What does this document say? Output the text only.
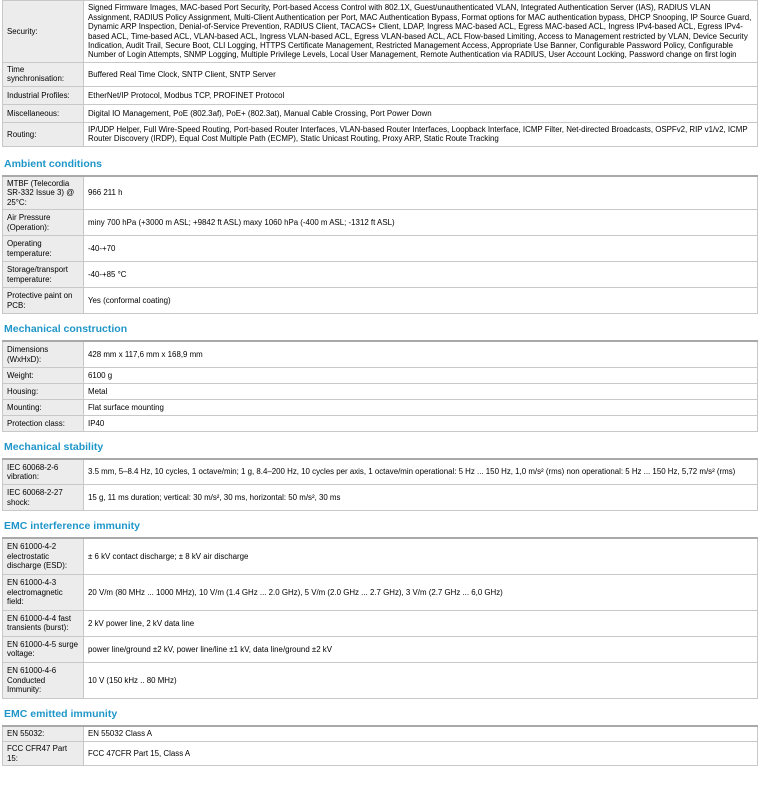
Security:	Signed Firmware Images, MAC-based Port Security, Port-based Access Control with 802.1X, Guest/unauthenticated VLAN, Integrated Authentication Server (IAS), RADIUS VLAN Assignment, RADIUS Policy Assignment, Multi-Client Authentication per Port, MAC Authentication Bypass, Format options for MAC authentication bypass, DHCP Snooping, IP Source Guard, Dynamic ARP Inspection, Denial-of-Service Prevention, RADIUS Client, TACACS+ Client, LDAP, Ingress MAC-based ACL, Egress MAC-based ACL, Ingress IPv4-based ACL, Egress IPv4-based ACL, Time-based ACL, VLAN-based ACL, Ingress VLAN-based ACL, Egress VLAN-based ACL, ACL Flow-based Limiting, Access to Management restricted by VLAN, Device Security Indication, Audit Trail, Secure Boot, CLI Logging, HTTPS Certificate Management, Restricted Management Access, Appropriate Use Banner, Configurable Password Policy, Configurable Number of Login Attempts, SNMP Logging, Multiple Privilege Levels, Local User Management, Remote Authentication via RADIUS, User Account Locking, Password change on first login
Time synchronisation:	Buffered Real Time Clock, SNTP Client, SNTP Server
Industrial Profiles:	EtherNet/IP Protocol, Modbus TCP, PROFINET Protocol
Miscellaneous:	Digital IO Management, PoE (802.3af), PoE+ (802.3at), Manual Cable Crossing, Port Power Down
Routing:	IP/UDP Helper, Full Wire-Speed Routing, Port-based Router Interfaces, VLAN-based Router Interfaces, Loopback Interface, ICMP Filter, Net-directed Broadcasts, OSPFv2, RIP v1/v2, ICMP Router Discovery (IRDP), Equal Cost Multiple Path (ECMP), Static Unicast Routing, Proxy ARP, Static Route Tracking
Ambient conditions
MTBF (Telecordia SR-332 Issue 3) @ 25°C:	966 211 h
Air Pressure (Operation):	miny 700 hPa (+3000 m ASL; +9842 ft ASL) maxy 1060 hPa (-400 m ASL; -1312 ft ASL)
Operating temperature:	-40-+70
Storage/transport temperature:	-40-+85 °C
Protective paint on PCB:	Yes (conformal coating)
Mechanical construction
Dimensions (WxHxD):	428 mm x 117,6 mm x 168,9 mm
Weight:	6100 g
Housing:	Metal
Mounting:	Flat surface mounting
Protection class:	IP40
Mechanical stability
IEC 60068-2-6 vibration:	3.5 mm, 5–8.4 Hz, 10 cycles, 1 octave/min; 1 g, 8.4–200 Hz, 10 cycles per axis, 1 octave/min operational: 5 Hz ... 150 Hz, 1,0 m/s² (rms) non operational: 5 Hz ... 150 Hz, 5,72 m/s² (rms)
IEC 60068-2-27 shock:	15 g, 11 ms duration; vertical: 30 m/s², 30 ms, horizontal: 50 m/s², 30 ms
EMC interference immunity
EN 61000-4-2 electrostatic discharge (ESD):	± 6 kV contact discharge; ± 8 kV air discharge
EN 61000-4-3 electromagnetic field:	20 V/m (80 MHz ... 1000 MHz), 10 V/m (1.4 GHz ... 2.0 GHz), 5 V/m (2.0 GHz ... 2.7 GHz), 3 V/m (2.7 GHz ... 6,0 GHz)
EN 61000-4-4 fast transients (burst):	2 kV power line, 2 kV data line
EN 61000-4-5 surge voltage:	power line/ground ±2 kV, power line/line ±1 kV, data line/ground ±2 kV
EN 61000-4-6 Conducted Immunity:	10 V (150 kHz .. 80 MHz)
EMC emitted immunity
EN 55032:	EN 55032 Class A
FCC CFR47 Part 15:	FCC 47CFR Part 15, Class A
